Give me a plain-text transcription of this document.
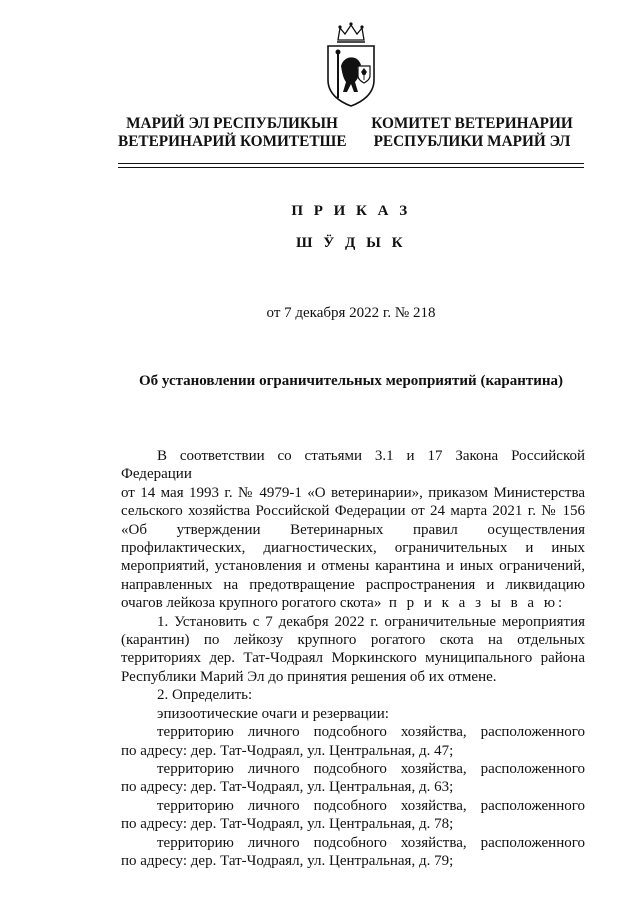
МАРИЙ ЭЛ РЕСПУБЛИКЫН
ВЕТЕРИНАРИЙ КОМИТЕТШЕ
КОМИТЕТ ВЕТЕРИНАРИИ
РЕСПУБЛИКИ МАРИЙ ЭЛ
П Р И К А З
Ш Ӱ Д Ы К
от 7 декабря 2022 г. № 218
Об установлении ограничительных мероприятий (карантина)

В соответствии со статьями 3.1 и 17 Закона Российской Федерации

от 14 мая 1993 г. № 4979-1 «О ветеринарии», приказом Министерства

сельского хозяйства Российской Федерации от 24 марта 2021 г. № 156

«Об утверждении Ветеринарных правил осуществления

профилактических, диагностических, ограничительных и иных

мероприятий, установления и отмены карантина и иных ограничений,

направленных на предотвращение распространения и ликвидацию

очагов лейкоза крупного рогатого скота» п р и к а з ы в а ю:

1. Установить с 7 декабря 2022 г. ограничительные мероприятия

(карантин) по лейкозу крупного рогатого скота на отдельных

территориях дер. Тат-Чодраял Моркинского муниципального района

Республики Марий Эл до принятия решения об их отмене.

2. Определить:

эпизоотические очаги и резервации:

территорию личного подсобного хозяйства, расположенного

по адресу: дер. Тат-Чодраял, ул. Центральная, д. 47;

территорию личного подсобного хозяйства, расположенного

по адресу: дер. Тат-Чодраял, ул. Центральная, д. 63;

территорию личного подсобного хозяйства, расположенного

по адресу: дер. Тат-Чодраял, ул. Центральная, д. 78;

территорию личного подсобного хозяйства, расположенного

по адресу: дер. Тат-Чодраял, ул. Центральная, д. 79;
